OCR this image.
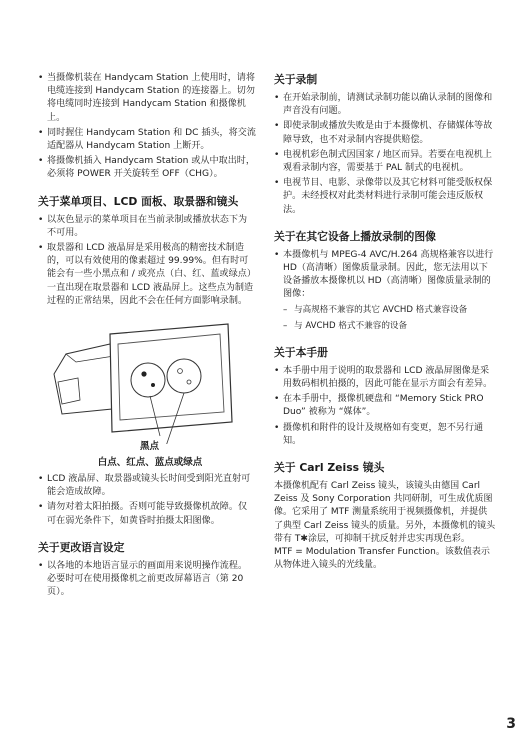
• 当摄像机装在 Handycam Station 上使用时，请将电缆连接到 Handycam Station 的连接器上。切勿将电缆同时连接到 Handycam Station 和摄像机上。
• 同时握住 Handycam Station 和 DC 插头，将交流适配器从 Handycam Station 上断开。
• 将摄像机插入 Handycam Station 或从中取出时，必须将 POWER 开关旋转至 OFF（CHG）。
关于菜单项目、LCD 面板、取景器和镜头
• 以灰色显示的菜单项目在当前录制或播放状态下为不可用。
• 取景器和 LCD 液晶屏是采用极高的精密技术制造的，可以有效使用的像素超过 99.99%。但有时可能会有一些小黑点和 / 或亮点（白、红、蓝或绿点）一直出现在取景器和 LCD 液晶屏上。这些点为制造过程的正常结果，因此不会在任何方面影响录制。
黑点
白点、红点、蓝点或绿点
• LCD 液晶屏、取景器或镜头长时间受到阳光直射可能会造成故障。
• 请勿对着太阳拍摄。否则可能导致摄像机故障。仅可在弱光条件下，如黄昏时拍摄太阳图像。
关于更改语言设定
• 以各地的本地语言显示的画面用来说明操作流程。必要时可在使用摄像机之前更改屏幕语言（第 20 页）。
关于录制
• 在开始录制前，请测试录制功能以确认录制的图像和声音没有问题。
• 即使录制或播放失败是由于本摄像机、存储媒体等故障导致，也不对录制内容提供赔偿。
• 电视机彩色制式因国家 / 地区而异。若要在电视机上观看录制内容，需要基于 PAL 制式的电视机。
• 电视节目、电影、录像带以及其它材料可能受版权保护。未经授权对此类材料进行录制可能会违反版权法。
关于在其它设备上播放录制的图像
• 本摄像机与 MPEG-4 AVC/H.264 高规格兼容以进行 HD（高清晰）图像质量录制。因此，您无法用以下设备播放本摄像机以 HD（高清晰）图像质量录制的图像：
– 与高规格不兼容的其它 AVCHD 格式兼容设备
– 与 AVCHD 格式不兼容的设备
关于本手册
• 本手册中用于说明的取景器和 LCD 液晶屏图像是采用数码相机拍摄的，因此可能在显示方面会有差异。
• 在本手册中，摄像机硬盘和 “Memory Stick PRO Duo” 被称为 “媒体”。
• 摄像机和附件的设计及规格如有变更，恕不另行通知。
关于 Carl Zeiss 镜头

本摄像机配有 Carl Zeiss 镜头，该镜头由德国 Carl Zeiss 及 Sony Corporation 共同研制，可生成优质图像。它采用了 MTF 测量系统用于视频摄像机，并提供了典型 Carl Zeiss 镜头的质量。另外，本摄像机的镜头带有 T✱涂层，可抑制干扰反射并忠实再现色彩。

MTF = Modulation Transfer Function。该数值表示从物体进入镜头的光线量。

3
